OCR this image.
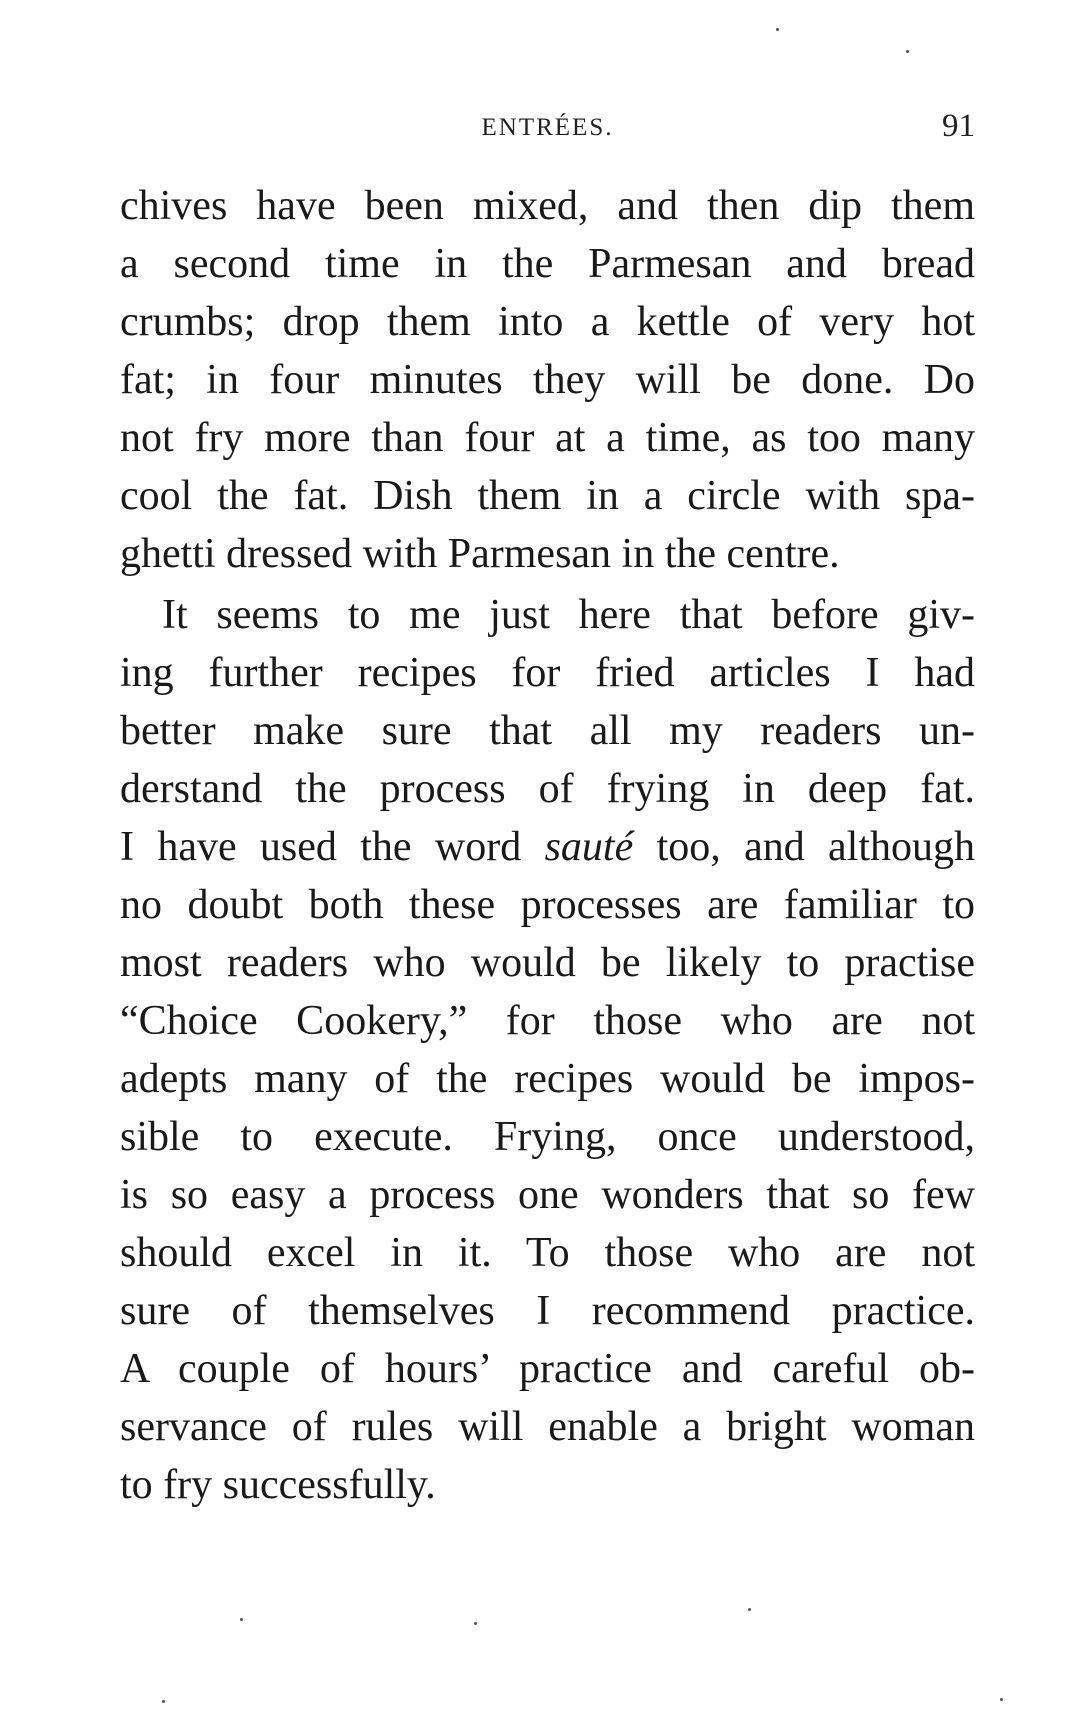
ENTRÉES.	91
chives have been mixed, and then dip them
a second time in the Parmesan and bread
crumbs; drop them into a kettle of very hot
fat; in four minutes they will be done. Do
not fry more than four at a time, as too many
cool the fat. Dish them in a circle with spa-
ghetti dressed with Parmesan in the centre.
It seems to me just here that before giv-
ing further recipes for fried articles I had
better make sure that all my readers un-
derstand the process of frying in deep fat.
I have used the word sauté too, and although
no doubt both these processes are familiar to
most readers who would be likely to practise
“Choice Cookery,” for those who are not
adepts many of the recipes would be impos-
sible to execute. Frying, once understood,
is so easy a process one wonders that so few
should excel in it. To those who are not
sure of themselves I recommend practice.
A couple of hours’ practice and careful ob-
servance of rules will enable a bright woman
to fry successfully.
